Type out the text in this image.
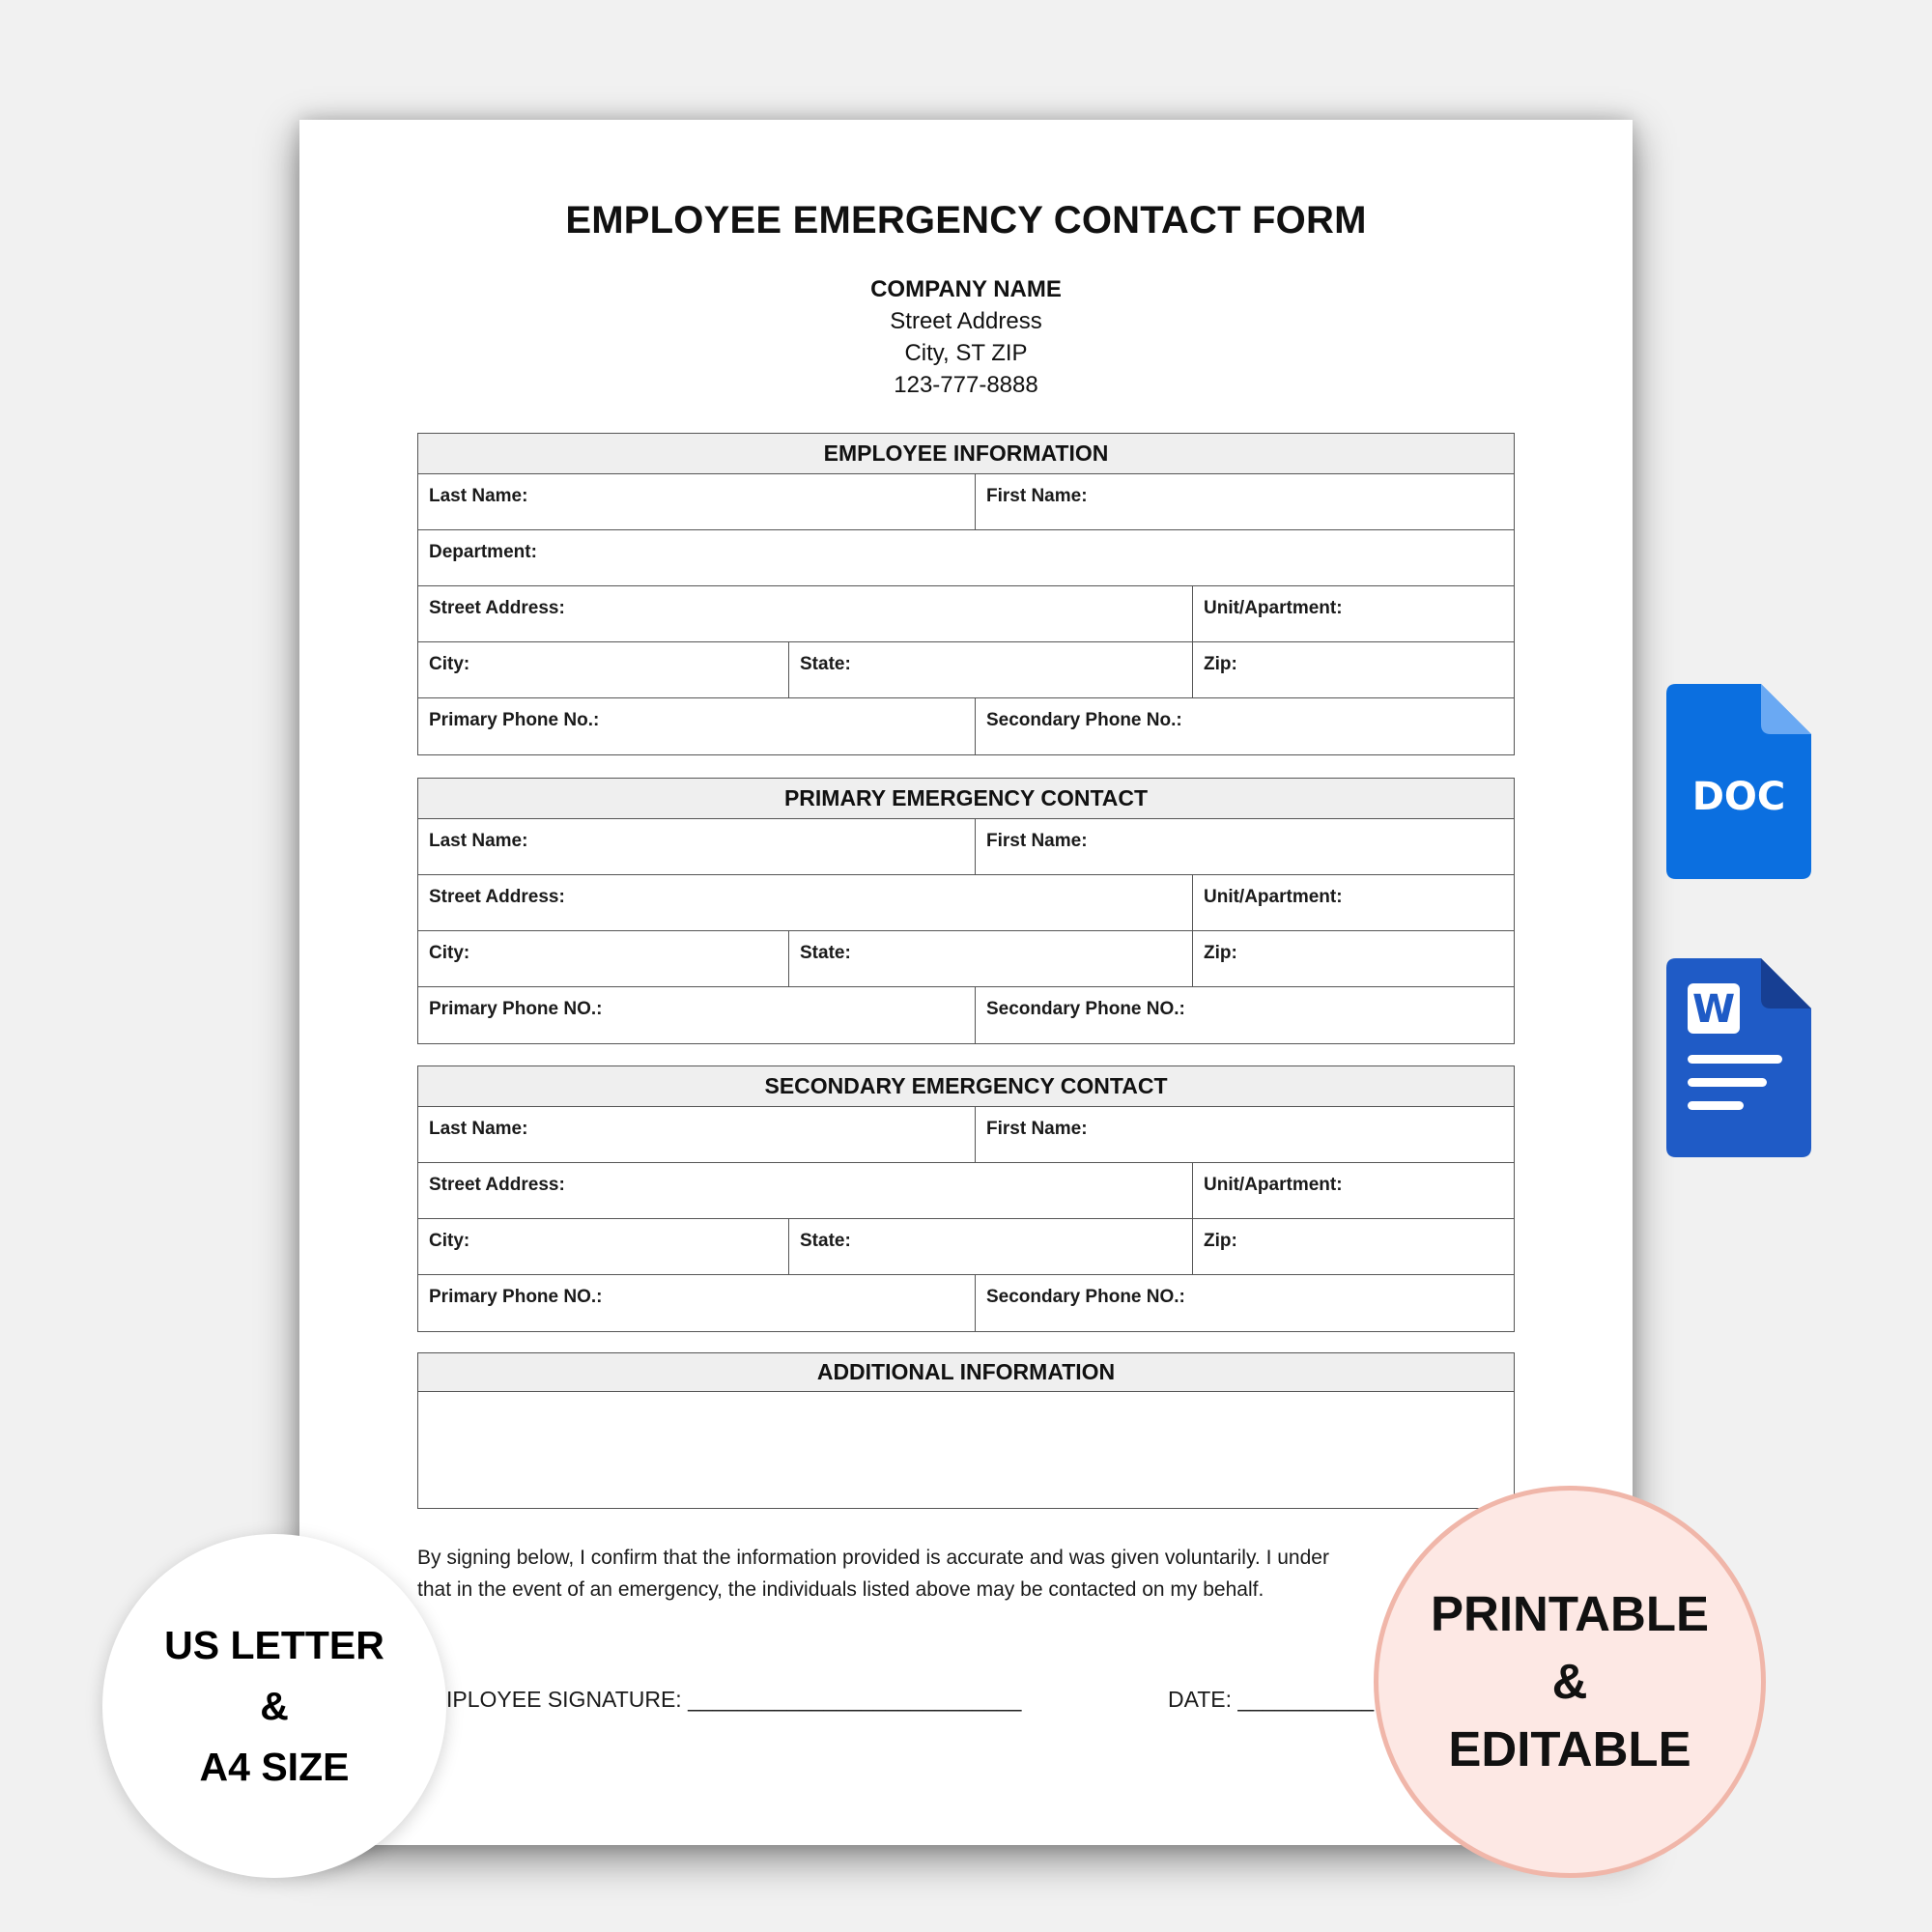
EMPLOYEE EMERGENCY CONTACT FORM
COMPANY NAME
Street Address
City, ST ZIP
123-777-8888
EMPLOYEE INFORMATION
Last Name:	First Name:
Department:
Street Address:	Unit/Apartment:
City:	State:	Zip:
Primary Phone No.:	Secondary Phone No.:
PRIMARY EMERGENCY CONTACT
Last Name:	First Name:
Street Address:	Unit/Apartment:
City:	State:	Zip:
Primary Phone NO.:	Secondary Phone NO.:
SECONDARY EMERGENCY CONTACT
Last Name:	First Name:
Street Address:	Unit/Apartment:
City:	State:	Zip:
Primary Phone NO.:	Secondary Phone NO.:
ADDITIONAL INFORMATION
By signing below, I confirm that the information provided is accurate and was given voluntarily. I under
that in the event of an emergency, the individuals listed above may be contacted on my behalf.
IPLOYEE SIGNATURE: ___________________________	DATE: ___________
DOC
W
US LETTER
&
A4 SIZE
PRINTABLE
&
EDITABLE
